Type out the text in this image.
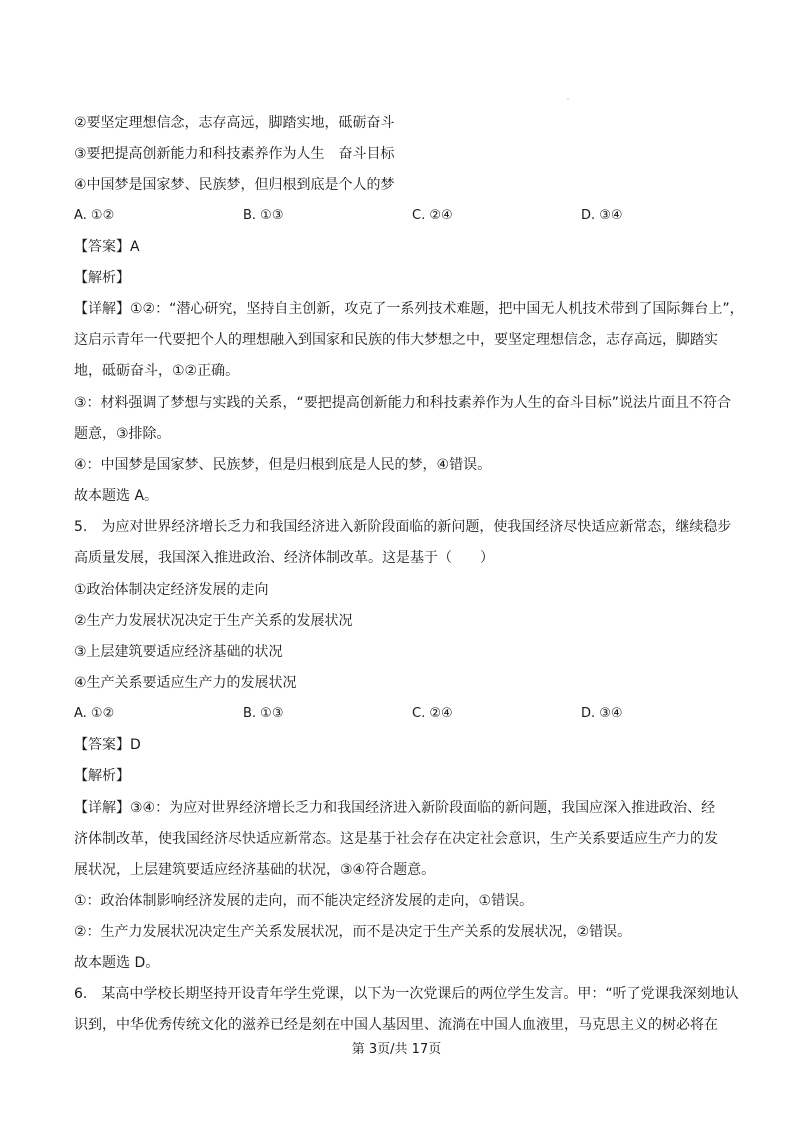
②要坚定理想信念，志存高远，脚踏实地，砥砺奋斗
③要把提高创新能力和科技素养作为人生　奋斗目标
④中国梦是国家梦、民族梦，但归根到底是个人的梦
A. ①②	B. ①③	C. ②④	D. ③④
【答案】A
【解析】
【详解】①②：“潜心研究，坚持自主创新，攻克了一系列技术难题，把中国无人机技术带到了国际舞台上”，
这启示青年一代要把个人的理想融入到国家和民族的伟大梦想之中，要坚定理想信念，志存高远，脚踏实
地，砥砺奋斗，①②正确。
③：材料强调了梦想与实践的关系，“要把提高创新能力和科技素养作为人生的奋斗目标”说法片面且不符合
题意，③排除。
④：中国梦是国家梦、民族梦，但是归根到底是人民的梦，④错误。
故本题选 A。
5.　为应对世界经济增长乏力和我国经济进入新阶段面临的新问题，使我国经济尽快适应新常态，继续稳步
高质量发展，我国深入推进政治、经济体制改革。这是基于（　　）
①政治体制决定经济发展的走向
②生产力发展状况决定于生产关系的发展状况
③上层建筑要适应经济基础的状况
④生产关系要适应生产力的发展状况
A. ①②	B. ①③	C. ②④	D. ③④
【答案】D
【解析】
【详解】③④：为应对世界经济增长乏力和我国经济进入新阶段面临的新问题，我国应深入推进政治、经
济体制改革，使我国经济尽快适应新常态。这是基于社会存在决定社会意识，生产关系要适应生产力的发
展状况，上层建筑要适应经济基础的状况，③④符合题意。
①：政治体制影响经济发展的走向，而不能决定经济发展的走向，①错误。
②：生产力发展状况决定生产关系发展状况，而不是决定于生产关系的发展状况，②错误。
故本题选 D。
6.　某高中学校长期坚持开设青年学生党课，以下为一次党课后的两位学生发言。甲：“听了党课我深刻地认
识到，中华优秀传统文化的滋养已经是刻在中国人基因里、流淌在中国人血液里，马克思主义的树必将在
第 3页/共 17页
